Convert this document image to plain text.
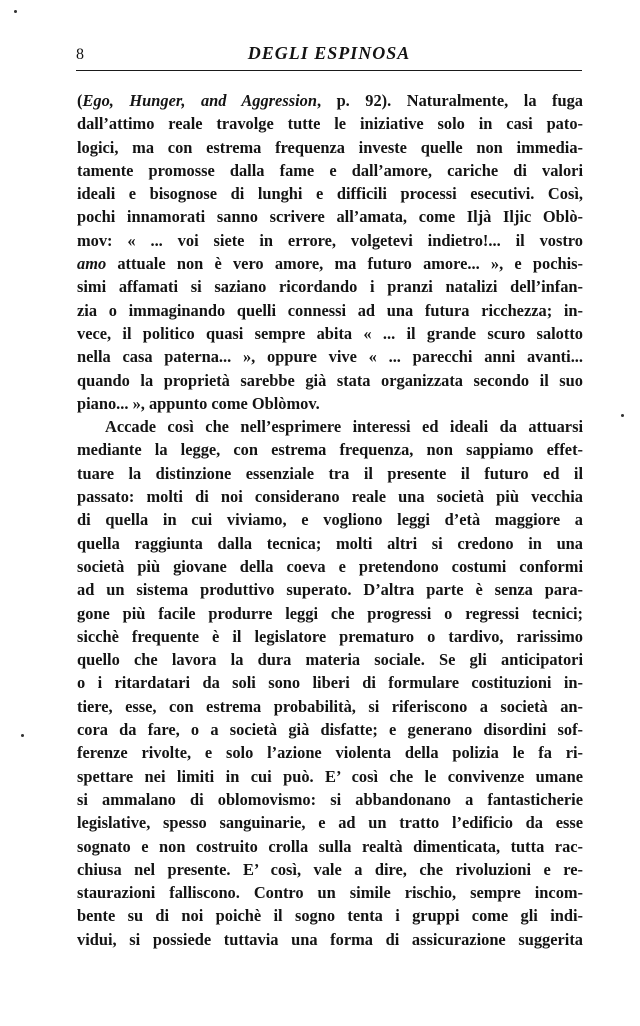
8	DEGLI ESPINOSA

(Ego, Hunger, and Aggression, p. 92). Naturalmente, la fuga
dall’attimo reale travolge tutte le iniziative solo in casi pato-
logici, ma con estrema frequenza investe quelle non immedia-
tamente promosse dalla fame e dall’amore, cariche di valori
ideali e bisognose di lunghi e difficili processi esecutivi. Così,
pochi innamorati sanno scrivere all’amata, come Iljà Iljic Oblò-
mov: « ... voi siete in errore, volgetevi indietro!... il vostro
amo attuale non è vero amore, ma futuro amore... », e pochis-
simi affamati si saziano ricordando i pranzi natalizi dell’infan-
zia o immaginando quelli connessi ad una futura ricchezza; in-
vece, il politico quasi sempre abita « ... il grande scuro salotto
nella casa paterna... », oppure vive « ... parecchi anni avanti...
quando la proprietà sarebbe già stata organizzata secondo il suo
piano... », appunto come Oblòmov.

Accade così che nell’esprimere interessi ed ideali da attuarsi
mediante la legge, con estrema frequenza, non sappiamo effet-
tuare la distinzione essenziale tra il presente il futuro ed il
passato: molti di noi considerano reale una società più vecchia
di quella in cui viviamo, e vogliono leggi d’età maggiore a
quella raggiunta dalla tecnica; molti altri si credono in una
società più giovane della coeva e pretendono costumi conformi
ad un sistema produttivo superato. D’altra parte è senza para-
gone più facile produrre leggi che progressi o regressi tecnici;
sicchè frequente è il legislatore prematuro o tardivo, rarissimo
quello che lavora la dura materia sociale. Se gli anticipatori
o i ritardatari da soli sono liberi di formulare costituzioni in-
tiere, esse, con estrema probabilità, si riferiscono a società an-
cora da fare, o a società già disfatte; e generano disordini sof-
ferenze rivolte, e solo l’azione violenta della polizia le fa ri-
spettare nei limiti in cui può. E’ così che le convivenze umane
si ammalano di oblomovismo: si abbandonano a fantasticherie
legislative, spesso sanguinarie, e ad un tratto l’edificio da esse
sognato e non costruito crolla sulla realtà dimenticata, tutta rac-
chiusa nel presente. E’ così, vale a dire, che rivoluzioni e re-
staurazioni falliscono. Contro un simile rischio, sempre incom-
bente su di noi poichè il sogno tenta i gruppi come gli indi-
vidui, si possiede tuttavia una forma di assicurazione suggerita
